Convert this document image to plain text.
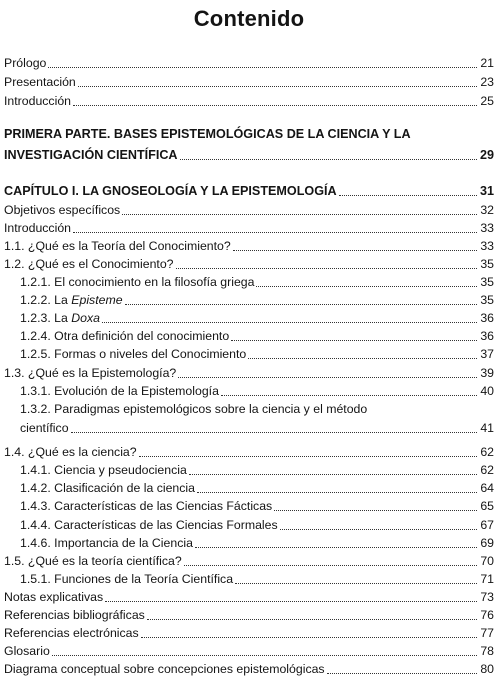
Contenido
Prólogo	21
Presentación	23
Introducción	25
PRIMERA PARTE. BASES EPISTEMOLÓGICAS DE LA CIENCIA Y LA
INVESTIGACIÓN CIENTÍFICA	29
CAPÍTULO I. LA GNOSEOLOGÍA Y LA EPISTEMOLOGÍA	31
Objetivos específicos	32
Introducción	33
1.1. ¿Qué es la Teoría del Conocimiento?	33
1.2. ¿Qué es el Conocimiento?	35
1.2.1. El conocimiento en la filosofía griega	35
1.2.2. La Episteme	35
1.2.3. La Doxa	36
1.2.4. Otra definición del conocimiento	36
1.2.5. Formas o niveles del Conocimiento	37
1.3. ¿Qué es la Epistemología?	39
1.3.1. Evolución de la Epistemología	40
1.3.2. Paradigmas epistemológicos sobre la ciencia y el método
científico	41
1.4. ¿Qué es la ciencia?	62
1.4.1. Ciencia y pseudociencia	62
1.4.2. Clasificación de la ciencia	64
1.4.3. Características de las Ciencias Fácticas	65
1.4.4. Características de las Ciencias Formales	67
1.4.6. Importancia de la Ciencia	69
1.5. ¿Qué es la teoría científica?	70
1.5.1. Funciones de la Teoría Científica	71
Notas explicativas	73
Referencias bibliográficas	76
Referencias electrónicas	77
Glosario	78
Diagrama conceptual sobre concepciones epistemológicas	80
